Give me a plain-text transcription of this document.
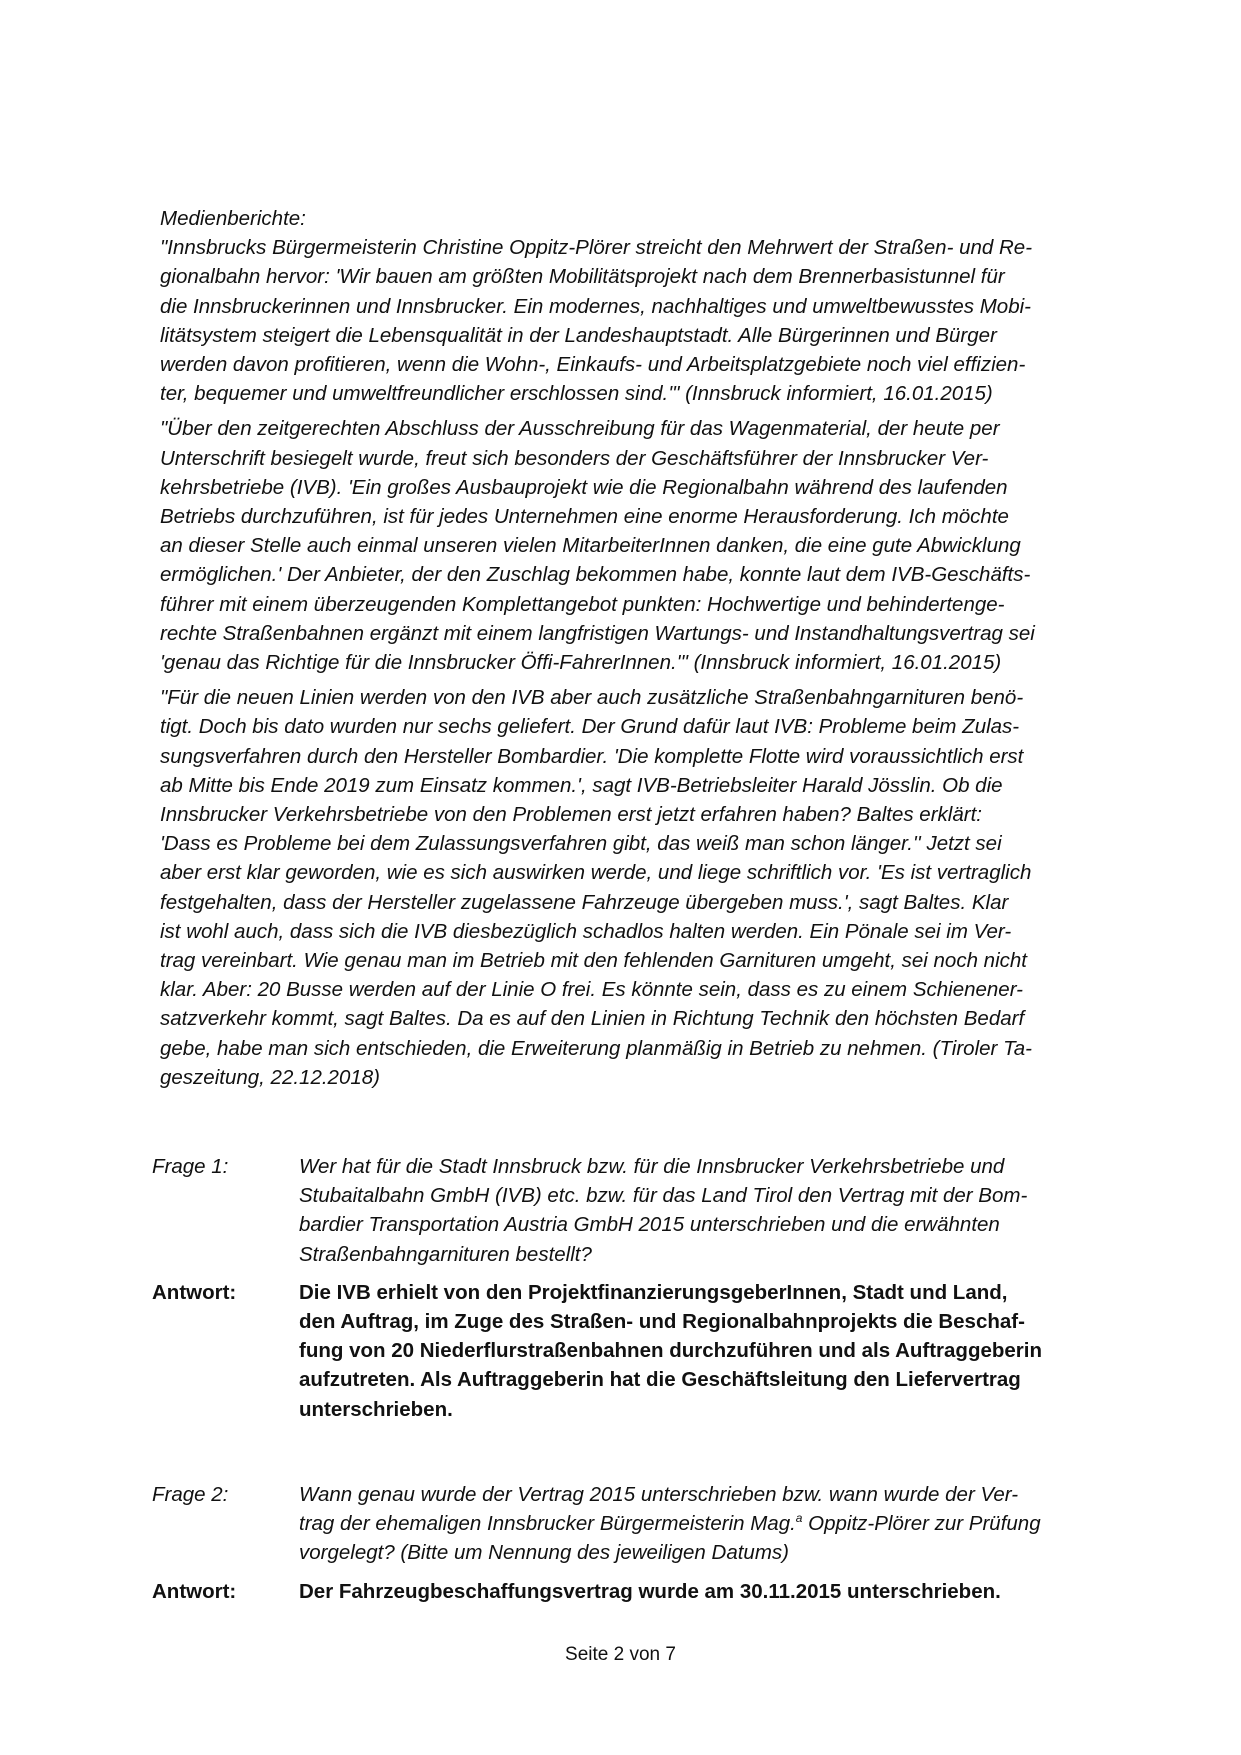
Medienberichte:
"Innsbrucks Bürgermeisterin Christine Oppitz-Plörer streicht den Mehrwert der Straßen- und Re-
gionalbahn hervor: 'Wir bauen am größten Mobilitätsprojekt nach dem Brennerbasistunnel für
die Innsbruckerinnen und Innsbrucker. Ein modernes, nachhaltiges und umweltbewusstes Mobi-
litätsystem steigert die Lebensqualität in der Landeshauptstadt. Alle Bürgerinnen und Bürger
werden davon profitieren, wenn die Wohn-, Einkaufs- und Arbeitsplatzgebiete noch viel effizien-
ter, bequemer und umweltfreundlicher erschlossen sind.'" (Innsbruck informiert, 16.01.2015)
"Über den zeitgerechten Abschluss der Ausschreibung für das Wagenmaterial, der heute per
Unterschrift besiegelt wurde, freut sich besonders der Geschäftsführer der Innsbrucker Ver-
kehrsbetriebe (IVB). 'Ein großes Ausbauprojekt wie die Regionalbahn während des laufenden
Betriebs durchzuführen, ist für jedes Unternehmen eine enorme Herausforderung. Ich möchte
an dieser Stelle auch einmal unseren vielen MitarbeiterInnen danken, die eine gute Abwicklung
ermöglichen.' Der Anbieter, der den Zuschlag bekommen habe, konnte laut dem IVB-Geschäfts-
führer mit einem überzeugenden Komplettangebot punkten: Hochwertige und behindertenge-
rechte Straßenbahnen ergänzt mit einem langfristigen Wartungs- und Instandhaltungsvertrag sei
'genau das Richtige für die Innsbrucker Öffi-FahrerInnen.'" (Innsbruck informiert, 16.01.2015)
"Für die neuen Linien werden von den IVB aber auch zusätzliche Straßenbahngarnituren benö-
tigt. Doch bis dato wurden nur sechs geliefert. Der Grund dafür laut IVB: Probleme beim Zulas-
sungsverfahren durch den Hersteller Bombardier. 'Die komplette Flotte wird voraussichtlich erst
ab Mitte bis Ende 2019 zum Einsatz kommen.', sagt IVB-Betriebsleiter Harald Jösslin. Ob die
Innsbrucker Verkehrsbetriebe von den Problemen erst jetzt erfahren haben? Baltes erklärt:
'Dass es Probleme bei dem Zulassungsverfahren gibt, das weiß man schon länger.'' Jetzt sei
aber erst klar geworden, wie es sich auswirken werde, und liege schriftlich vor. 'Es ist vertraglich
festgehalten, dass der Hersteller zugelassene Fahrzeuge übergeben muss.', sagt Baltes. Klar
ist wohl auch, dass sich die IVB diesbezüglich schadlos halten werden. Ein Pönale sei im Ver-
trag vereinbart. Wie genau man im Betrieb mit den fehlenden Garnituren umgeht, sei noch nicht
klar. Aber: 20 Busse werden auf der Linie O frei. Es könnte sein, dass es zu einem Schienener-
satzverkehr kommt, sagt Baltes. Da es auf den Linien in Richtung Technik den höchsten Bedarf
gebe, habe man sich entschieden, die Erweiterung planmäßig in Betrieb zu nehmen. (Tiroler Ta-
geszeitung, 22.12.2018)
Frage 1:	Wer hat für die Stadt Innsbruck bzw. für die Innsbrucker Verkehrsbetriebe und
Stubaitalbahn GmbH (IVB) etc. bzw. für das Land Tirol den Vertrag mit der Bom-
bardier Transportation Austria GmbH 2015 unterschrieben und die erwähnten
Straßenbahngarnituren bestellt?
Antwort:	Die IVB erhielt von den ProjektfinanzierungsgeberInnen, Stadt und Land,
den Auftrag, im Zuge des Straßen- und Regionalbahnprojekts die Beschaf-
fung von 20 Niederflurstraßenbahnen durchzuführen und als Auftraggeberin
aufzutreten. Als Auftraggeberin hat die Geschäftsleitung den Liefervertrag
unterschrieben.
Frage 2:	Wann genau wurde der Vertrag 2015 unterschrieben bzw. wann wurde der Ver-
trag der ehemaligen Innsbrucker Bürgermeisterin Mag.$^a$ Oppitz-Plörer zur Prüfung
vorgelegt? (Bitte um Nennung des jeweiligen Datums)
Antwort:	Der Fahrzeugbeschaffungsvertrag wurde am 30.11.2015 unterschrieben.
Seite 2 von 7
